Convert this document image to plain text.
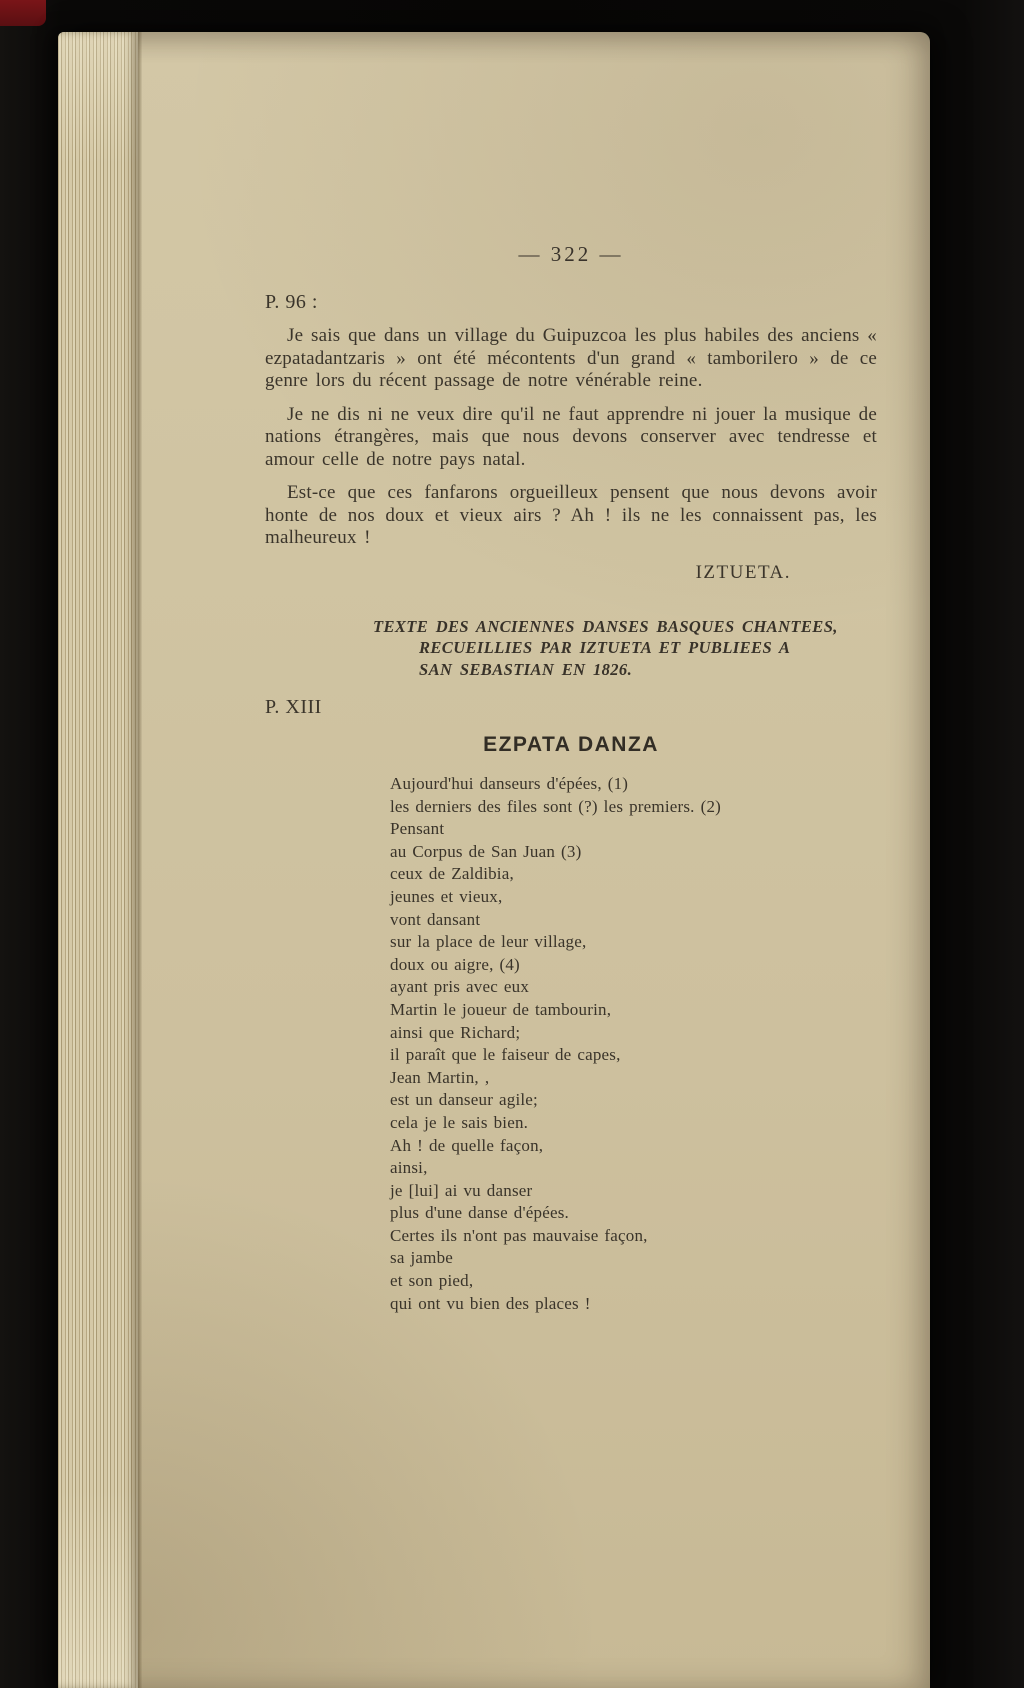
— 322 —
P. 96 :

Je sais que dans un village du Guipuzcoa les plus habiles des anciens « ezpatadantzaris » ont été mécontents d'un grand « tamborilero » de ce genre lors du récent passage de notre vénérable reine.

Je ne dis ni ne veux dire qu'il ne faut apprendre ni jouer la musique de nations étrangères, mais que nous devons conserver avec tendresse et amour celle de notre pays natal.

Est-ce que ces fanfarons orgueilleux pensent que nous devons avoir honte de nos doux et vieux airs ? Ah ! ils ne les connaissent pas, les malheureux !

IZTUETA.
TEXTE DES ANCIENNES DANSES BASQUES CHANTEES,
RECUEILLIES PAR IZTUETA ET PUBLIEES A
SAN SEBASTIAN EN 1826.
P. XIII
EZPATA DANZA
Aujourd'hui danseurs d'épées, (1)
les derniers des files sont (?) les premiers. (2)
Pensant
au Corpus de San Juan (3)
ceux de Zaldibia,
jeunes et vieux,
vont dansant
sur la place de leur village,
doux ou aigre, (4)
ayant pris avec eux
Martin le joueur de tambourin,
ainsi que Richard;
il paraît que le faiseur de capes,
Jean Martin, ,
est un danseur agile;
cela je le sais bien.
Ah ! de quelle façon,
ainsi,
je [lui] ai vu danser
plus d'une danse d'épées.
Certes ils n'ont pas mauvaise façon,
sa jambe
et son pied,
qui ont vu bien des places !
